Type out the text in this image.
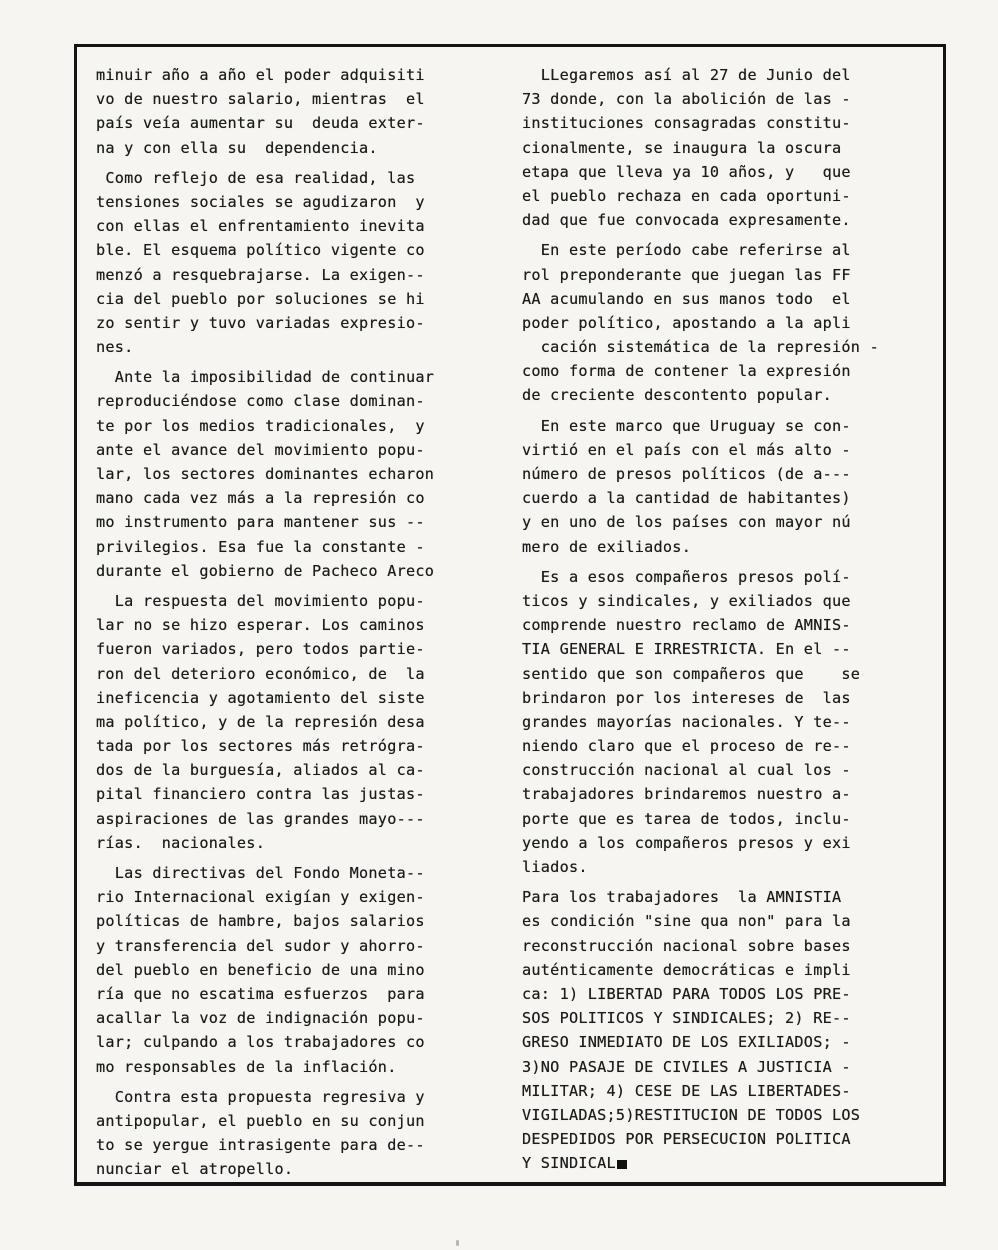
minuir año a año el poder adquisiti
vo de nuestro salario, mientras  el
país veía aumentar su  deuda exter-
na y con ella su  dependencia.
Como reflejo de esa realidad, las
tensiones sociales se agudizaron  y
con ellas el enfrentamiento inevita
ble. El esquema político vigente co
menzó a resquebrajarse. La exigen--
cia del pueblo por soluciones se hi
zo sentir y tuvo variadas expresio-
nes.
Ante la imposibilidad de continuar
reproduciéndose como clase dominan-
te por los medios tradicionales,  y
ante el avance del movimiento popu-
lar, los sectores dominantes echaron
mano cada vez más a la represión co
mo instrumento para mantener sus --
privilegios. Esa fue la constante -
durante el gobierno de Pacheco Areco
La respuesta del movimiento popu-
lar no se hizo esperar. Los caminos
fueron variados, pero todos partie-
ron del deterioro económico, de  la
ineficencia y agotamiento del siste
ma político, y de la represión desa
tada por los sectores más retrógra-
dos de la burguesía, aliados al ca-
pital financiero contra las justas-
aspiraciones de las grandes mayo---
rías.  nacionales.
Las directivas del Fondo Moneta--
rio Internacional exigían y exigen-
políticas de hambre, bajos salarios
y transferencia del sudor y ahorro-
del pueblo en beneficio de una mino
ría que no escatima esfuerzos  para
acallar la voz de indignación popu-
lar; culpando a los trabajadores co
mo responsables de la inflación.
Contra esta propuesta regresiva y
antipopular, el pueblo en su conjun
to se yergue intrasigente para de--
nunciar el atropello.
LLegaremos así al 27 de Junio del
73 donde, con la abolición de las -
instituciones consagradas constitu-
cionalmente, se inaugura la oscura
etapa que lleva ya 10 años, y   que
el pueblo rechaza en cada oportuni-
dad que fue convocada expresamente.
En este período cabe referirse al
rol preponderante que juegan las FF
AA acumulando en sus manos todo  el
poder político, apostando a la apli
cación sistemática de la represión -
como forma de contener la expresión
de creciente descontento popular.
En este marco que Uruguay se con-
virtió en el país con el más alto -
número de presos políticos (de a---
cuerdo a la cantidad de habitantes)
y en uno de los países con mayor nú
mero de exiliados.
Es a esos compañeros presos polí-
ticos y sindicales, y exiliados que
comprende nuestro reclamo de AMNIS-
TIA GENERAL E IRRESTRICTA. En el --
sentido que son compañeros que    se
brindaron por los intereses de  las
grandes mayorías nacionales. Y te--
niendo claro que el proceso de re--
construcción nacional al cual los -
trabajadores brindaremos nuestro a-
porte que es tarea de todos, inclu-
yendo a los compañeros presos y exi
liados.
Para los trabajadores  la AMNISTIA
es condición "sine qua non" para la
reconstrucción nacional sobre bases
auténticamente democráticas e impli
ca: 1) LIBERTAD PARA TODOS LOS PRE-
SOS POLITICOS Y SINDICALES; 2) RE--
GRESO INMEDIATO DE LOS EXILIADOS; -
3)NO PASAJE DE CIVILES A JUSTICIA -
MILITAR; 4) CESE DE LAS LIBERTADES-
VIGILADAS;5)RESTITUCION DE TODOS LOS
DESPEDIDOS POR PERSECUCION POLITICA
Y SINDICAL
